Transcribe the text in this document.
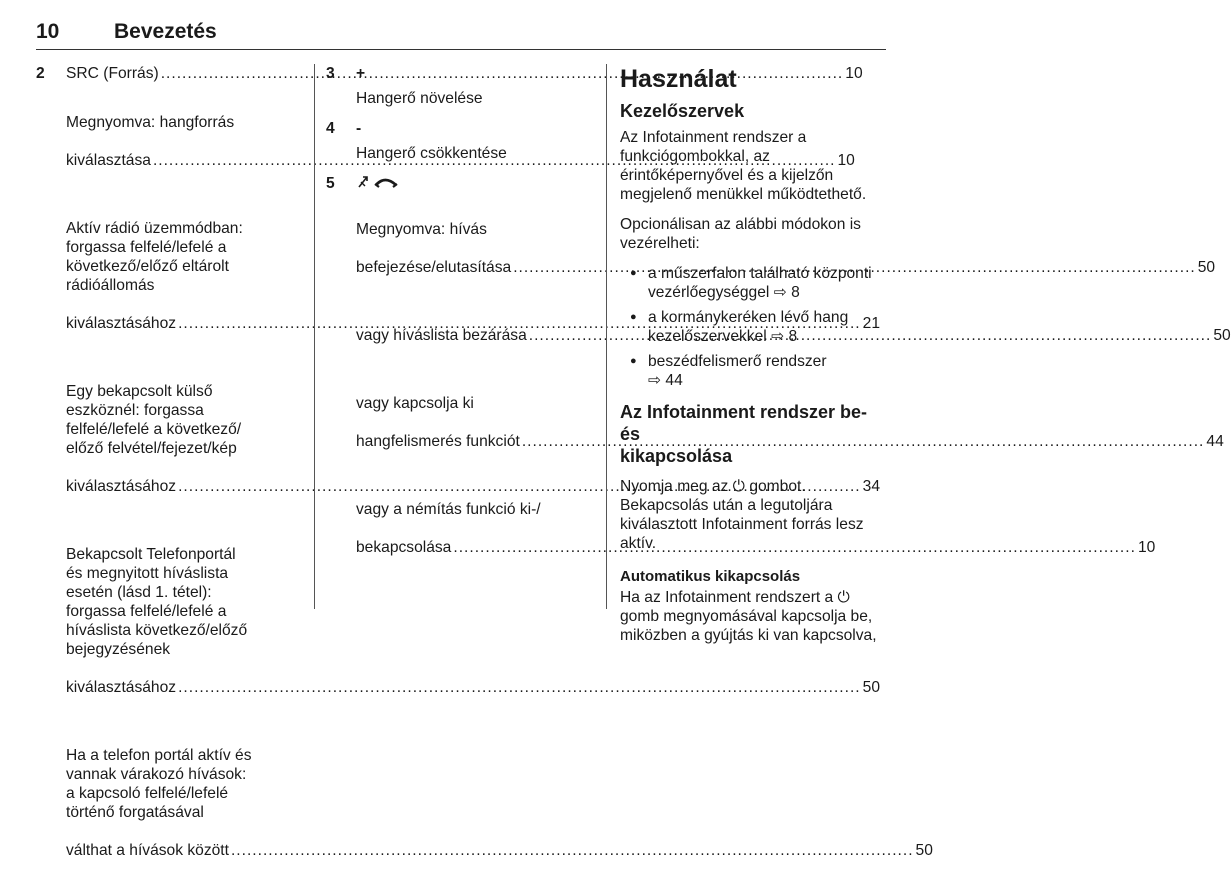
10	Bevezetés
2 SRC (Forrás) .....	10

Megnyomva: hangforrás

kiválasztása .....	10

Aktív rádió üzemmódban:
forgassa felfelé/lefelé a
következő/előző eltárolt
rádióállomás

kiválasztásához .....	21

Egy bekapcsolt külső
eszköznél: forgassa
felfelé/lefelé a következő/
előző felvétel/fejezet/kép

kiválasztásához .....	34

Bekapcsolt Telefonportál
és megnyitott híváslista
esetén (lásd 1. tétel):
forgassa felfelé/lefelé a
híváslista következő/előző
bejegyzésének

kiválasztásához .....	50

Ha a telefon portál aktív és
vannak várakozó hívások:
a kapcsoló felfelé/lefelé
történő forgatásával

válthat a hívások között .....	50

3 +
Hangerő növelése
4 -
Hangerő csökkentése
5

Megnyomva: hívás

befejezése/elutasítása .....	50

vagy híváslista bezárása .....	50

vagy kapcsolja ki

hangfelismerés funkciót .....	44

vagy a némítás funkció ki-/

bekapcsolása .....	10

Használat
Kezelőszervek
Az Infotainment rendszer a
funkciógombokkal, az
érintőképernyővel és a kijelzőn
megjelenő menükkel működtethető.
Opcionálisan az alábbi módokon is
vezérelheti:
● a műszerfalon található központi
vezérlőegységgel ⇨ 8
● a kormánykeréken lévő hang
kezelőszervekkel ⇨ 8
● beszédfelismerő rendszer
⇨ 44
Az Infotainment rendszer be- és
kikapcsolása
Nyomja meg az ⏻ gombot.
Bekapcsolás után a legutoljára
kiválasztott Infotainment forrás lesz
aktív.
Automatikus kikapcsolás
Ha az Infotainment rendszert a ⏻
gomb megnyomásával kapcsolja be,
miközben a gyújtás ki van kapcsolva,
